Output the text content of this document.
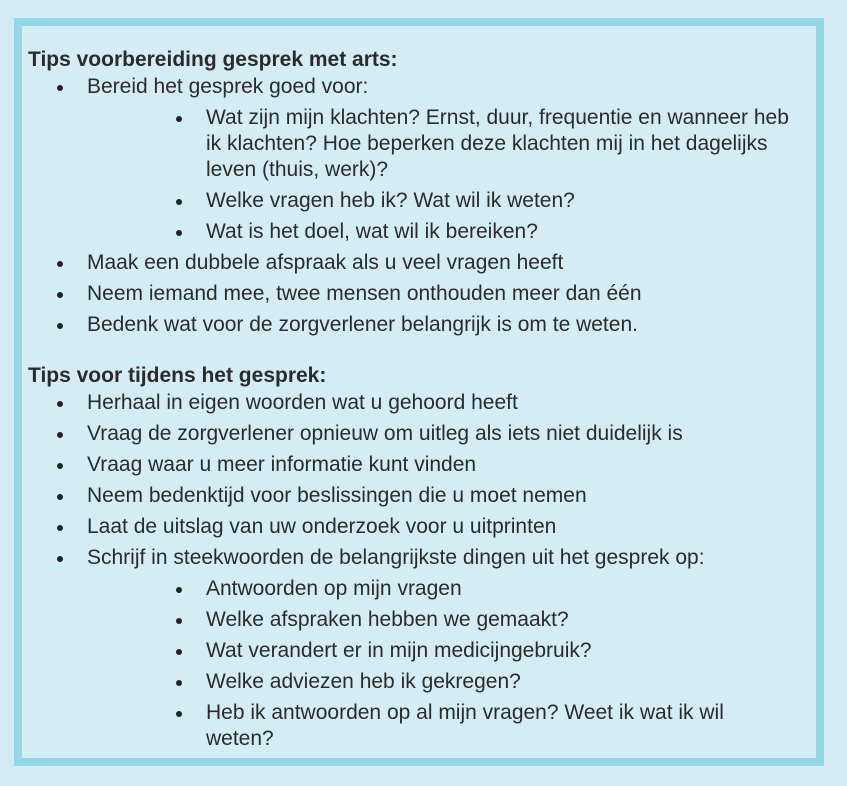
Tips voorbereiding gesprek met arts:

Bereid het gesprek goed voor:
Wat zijn mijn klachten? Ernst, duur, frequentie en wanneer heb ik klachten? Hoe beperken deze klachten mij in het dagelijks leven (thuis, werk)?
Welke vragen heb ik? Wat wil ik weten?
Wat is het doel, wat wil ik bereiken?
Maak een dubbele afspraak als u veel vragen heeft
Neem iemand mee, twee mensen onthouden meer dan één
Bedenk wat voor de zorgverlener belangrijk is om te weten.

Tips voor tijdens het gesprek:

Herhaal in eigen woorden wat u gehoord heeft
Vraag de zorgverlener opnieuw om uitleg als iets niet duidelijk is
Vraag waar u meer informatie kunt vinden
Neem bedenktijd voor beslissingen die u moet nemen
Laat de uitslag van uw onderzoek voor u uitprinten
Schrijf in steekwoorden de belangrijkste dingen uit het gesprek op:
Antwoorden op mijn vragen
Welke afspraken hebben we gemaakt?
Wat verandert er in mijn medicijngebruik?
Welke adviezen heb ik gekregen?
Heb ik antwoorden op al mijn vragen? Weet ik wat ik wil weten?
